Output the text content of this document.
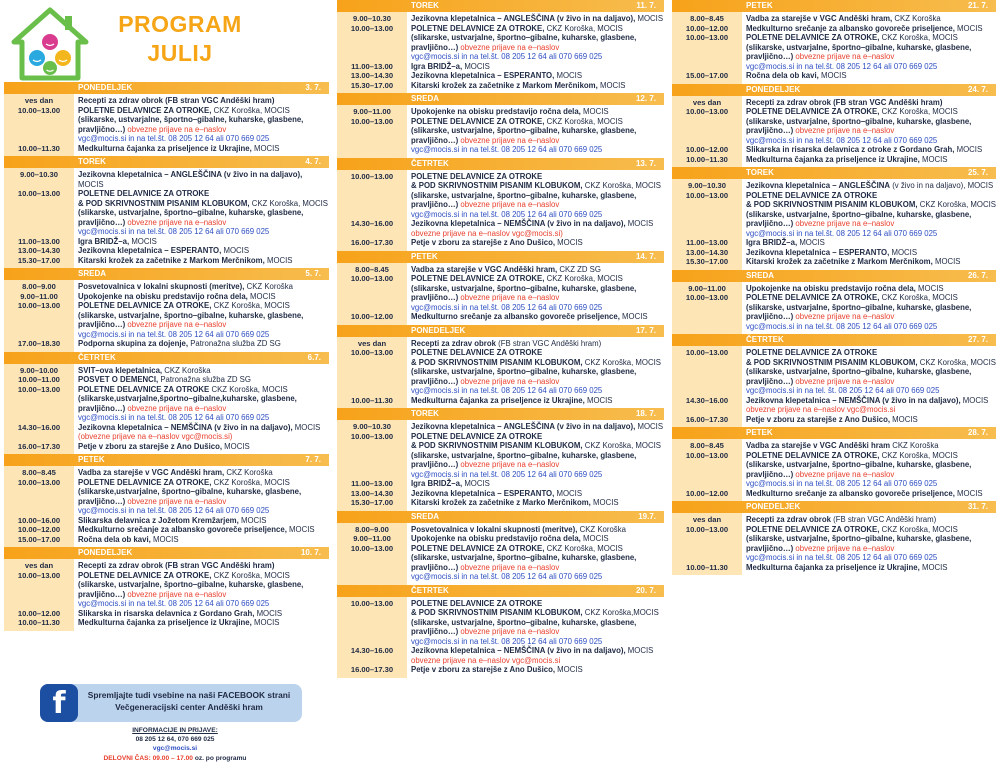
PROGRAM
JULIJ
PONEDELJEK	3. 7.
ves dan	Recepti za zdrav obrok (FB stran VGC Anděški hram)
10.00–13.00	POLETNE DELAVNICE ZA OTROKE, CKZ Koroška, MOCIS
(slikarske, ustvarjalne, športno–gibalne, kuharske, glasbene,
pravljično…) obvezne prijave na e–naslov
vgc@mocis.si in na tel.št. 08 205 12 64 ali 070 669 025
10.00–11.30	Medkulturna čajanka za priseljence iz Ukrajine, MOCIS
TOREK	4. 7.
9.00–10.30	Jezikovna klepetalnica – ANGLEŠČINA (v živo in na daljavo), MOCIS
10.00–13.00	POLETNE DELAVNICE ZA OTROKE
& POD SKRIVNOSTNIM PISANIM KLOBUKOM, CKZ Koroška, MOCIS
(slikarske, ustvarjalne, športno–gibalne, kuharske, glasbene,
pravljično…) obvezne prijave na e–naslov
vgc@mocis.si in na tel.št. 08 205 12 64 ali 070 669 025
11.00–13.00	Igra BRIDŽ–a, MOCIS
13.00–14.30	Jezikovna klepetalnica – ESPERANTO, MOCIS
15.30–17.00	Kitarski krožek za začetnike z Markom Merčnikom, MOCIS
SREDA	5. 7.
8.00–9.00	Posvetovalnica v lokalni skupnosti (meritve), CKZ Koroška
9.00–11.00	Upokojenke na obisku predstavijo ročna dela, MOCIS
10.00–13.00	POLETNE DELAVNICE ZA OTROKE, CKZ Koroška, MOCIS
(slikarske, ustvarjalne, športno–gibalne, kuharske, glasbene,
pravljično…) obvezne prijave na e–naslov
vgc@mocis.si in na tel.št. 08 205 12 64 ali 070 669 025
17.00–18.30	Podporna skupina za dojenje, Patronažna služba ZD SG
ČETRTEK	6.7.
9.00–10.00	SVIT–ova klepetalnica, CKZ Koroška
10.00–11.00	POSVET O DEMENCI, Patronažna služba ZD SG
10.00–13.00	POLETNE DELAVNICE ZA OTROKE CKZ Koroška, MOCIS
(slikarske,ustvarjalne,športno–gibalne,kuharske, glasbene,
pravljično…) obvezne prijave na e–naslov
vgc@mocis.si in na tel.št. 08 205 12 64 ali 070 669 025
14.30–16.00	Jezikovna klepetalnica – NEMŠČINA (v živo in na daljavo), MOCIS
(obvezne prijave na e–naslov vgc@mocis.si)
16.00–17.30	Petje v zboru za starejše z Ano Dušico, MOCIS
PETEK	7. 7.
8.00–8.45	Vadba za starejše v VGC Anděški hram, CKZ Koroška
10.00–13.00	POLETNE DELAVNICE ZA OTROKE, CKZ Koroška, MOCIS
(slikarske,ustvarjalne, športno–gibalne, kuharske, glasbene,
pravljično…) obvezne prijave na e–naslov
vgc@mocis.si in na tel.št. 08 205 12 64 ali 070 669 025
10.00–16.00	Slikarska delavnica z Jožetom Kremžarjem, MOCIS
10.00–12.00	Medkulturno srečanje za albansko govoreče priseljence, MOCIS
15.00–17.00	Ročna dela ob kavi, MOCIS
PONEDELJEK	10. 7.
ves dan	Recepti za zdrav obrok (FB stran VGC Anděški hram)
10.00–13.00	POLETNE DELAVNICE ZA OTROKE, CKZ Koroška, MOCIS
(slikarske, ustvarjalne, športno–gibalne, kuharske, glasbene,
pravljično…) obvezne prijave na e–naslov
vgc@mocis.si in na tel.št. 08 205 12 64 ali 070 669 025
10.00–12.00	Slikarska in risarska delavnica z Gordano Grah, MOCIS
10.00–11.30	Medkulturna čajanka za priseljence iz Ukrajine, MOCIS
f	Spremljajte tudi vsebine na naši FACEBOOK strani
Večgeneracijski center Anděški hram
INFORMACIJE IN PRIJAVE:
08 205 12 64, 070 669 025
vgc@mocis.si
DELOVNI ČAS: 09.00 – 17.00 oz. po programu
TOREK	11. 7.
9.00–10.30	Jezikovna klepetalnica – ANGLEŠČINA (v živo in na daljavo), MOCIS
10.00–13.00	POLETNE DELAVNICE ZA OTROKE, CKZ Koroška, MOCIS
(slikarske, ustvarjalne, športno–gibalne, kuharske, glasbene,
pravljično…) obvezne prijave na e–naslov
vgc@mocis.si in na tel.št. 08 205 12 64 ali 070 669 025
11.00–13.00	Igra BRIDŽ–a, MOCIS
13.00–14.30	Jezikovna klepetalnica – ESPERANTO, MOCIS
15.30–17.00	Kitarski krožek za začetnike z Markom Merčnikom, MOCIS
SREDA	12. 7.
9.00–11.00	Upokojenke na obisku predstavijo ročna dela, MOCIS
10.00–13.00	POLETNE DELAVNICE ZA OTROKE, CKZ Koroška, MOCIS
(slikarske, ustvarjalne, športno–gibalne, kuharske, glasbene,
pravljično…) obvezne prijave na e–naslov
vgc@mocis.si in na tel.št. 08 205 12 64 ali 070 669 025
ČETRTEK	13. 7.
10.00–13.00	POLETNE DELAVNICE ZA OTROKE
& POD SKRIVNOSTNIM PISANIM KLOBUKOM, CKZ Koroška, MOCIS
(slikarske, ustvarjalne, športno–gibalne, kuharske, glasbene,
pravljično…) obvezne prijave na e–naslov
vgc@mocis.si in na tel.št. 08 205 12 64 ali 070 669 025
14.30–16.00	Jezikovna klepetalnica – NEMŠČINA (v živo in na daljavo), MOCIS
obvezne prijave na e–naslov vgc@mocis.si)
16.00–17.30	Petje v zboru za starejše z Ano Dušico, MOCIS
PETEK	14. 7.
8.00–8.45	Vadba za starejše v VGC Anděški hram, CKZ ZD SG
10.00–13.00	POLETNE DELAVNICE ZA OTROKE, CKZ Koroška, MOCIS
(slikarske, ustvarjalne, športno–gibalne, kuharske, glasbene,
pravljično…) obvezne prijave na e–naslov
vgc@mocis.si in na tel.št. 08 205 12 64 ali 070 669 025
10.00–12.00	Medkulturno srečanje za albansko govoreče priseljence, MOCIS
PONEDELJEK	17. 7.
ves dan	Recepti za zdrav obrok (FB stran VGC Anděški hram)
10.00–13.00	POLETNE DELAVNICE ZA OTROKE
& POD SKRIVNOSTNIM PISANIM KLOBUKOM, CKZ Koroška, MOCIS
(slikarske, ustvarjalne, športno–gibalne, kuharske, glasbene,
pravljično…) obvezne prijave na e–naslov
vgc@mocis.si in na tel.št. 08 205 12 64 ali 070 669 025
10.00–11.30	Medkulturna čajanka za priseljence iz Ukrajine, MOCIS
TOREK	18. 7.
9.00–10.30	Jezikovna klepetalnica – ANGLEŠČINA (v živo in na daljavo), MOCIS
10.00–13.00	POLETNE DELAVNICE ZA OTROKE
& POD SKRIVNOSTNIM PISANIM KLOBUKOM, CKZ Koroška, MOCIS
(slikarske, ustvarjalne, športno–gibalne, kuharske, glasbene,
pravljično…) obvezne prijave na e–naslov
vgc@mocis.si in na tel.št. 08 205 12 64 ali 070 669 025
11.00–13.00	Igra BRIDŽ–a, MOCIS
13.00–14.30	Jezikovna klepetalnica – ESPERANTO, MOCIS
15.30–17.00	Kitarski krožek za začetnike z Marko Merčnikom, MOCIS
SREDA	19.7.
8.00–9.00	Posvetovalnica v lokalni skupnosti (meritve), CKZ Koroška
9.00–11.00	Upokojenke na obisku predstavijo ročna dela, MOCIS
10.00–13.00	POLETNE DELAVNICE ZA OTROKE, CKZ Koroška, MOCIS
(slikarske, ustvarjalne, športno–gibalne, kuharske, glasbene,
pravljično…) obvezne prijave na e–naslov
vgc@mocis.si in na tel.št. 08 205 12 64 ali 070 669 025
ČETRTEK	20. 7.
10.00–13.00	POLETNE DELAVNICE ZA OTROKE
& POD SKRIVNOSTNIM PISANIM KLOBUKOM, CKZ Koroška,MOCIS
(slikarske, ustvarjalne, športno–gibalne, kuharske, glasbene,
pravljično…) obvezne prijave na e–naslov
vgc@mocis.si in na tel.št. 08 205 12 64 ali 070 669 025
14.30–16.00	Jezikovna klepetalnica – NEMŠČINA (v živo in na daljavo), MOCIS
obvezne prijave na e–naslov vgc@mocis.si
16.00–17.30	Petje v zboru za starejše z Ano Dušico, MOCIS
PETEK	21. 7.
8.00–8.45	Vadba za starejše v VGC Anděški hram, CKZ Koroška
10.00–12.00	Medkulturno srečanje za albansko govoreče priseljence, MOCIS
10.00–13.00	POLETNE DELAVNICE ZA OTROKE, CKZ Koroška, MOCIS
(slikarske, ustvarjalne, športno–gibalne, kuharske, glasbene,
pravljično…) obvezne prijave na e–naslov
vgc@mocis.si in na tel.št. 08 205 12 64 ali 070 669 025
15.00–17.00	Ročna dela ob kavi, MOCIS
PONEDELJEK	24. 7.
ves dan	Recepti za zdrav obrok (FB stran VGC Anděški hram)
10.00–13.00	POLETNE DELAVNICE ZA OTROKE, CKZ Koroška, MOCIS
(slikarske, ustvarjalne, športno–gibalne, kuharske, glasbene,
pravljično…) obvezne prijave na e–naslov
vgc@mocis.si in na tel.št. 08 205 12 64 ali 070 669 025
10.00–12.00	Slikarska in risarska delavnica z otroke z Gordano Grah, MOCIS
10.00–11.30	Medkulturna čajanka za priseljence iz Ukrajine, MOCIS
TOREK	25. 7.
9.00–10.30	Jezikovna klepetalnica – ANGLEŠČINA (v živo in na daljavo), MOCIS
10.00–13.00	POLETNE DELAVNICE ZA OTROKE
& POD SKRIVNOSTNIM PISANIM KLOBUKOM, CKZ Koroška, MOCIS
(slikarske, ustvarjalne, športno–gibalne, kuharske, glasbene,
pravljično…) obvezne prijave na e–naslov
vgc@mocis.si in na tel.št. 08 205 12 64 ali 070 669 025
11.00–13.00	Igra BRIDŽ–a, MOCIS
13.00–14.30	Jezikovna klepetalnica – ESPERANTO, MOCIS
15.30–17.00	Kitarski krožek za začetnike z Markom Merčnikom, MOCIS
SREDA	26. 7.
9.00–11.00	Upokojenke na obisku predstavijo ročna dela, MOCIS
10.00–13.00	POLETNE DELAVNICE ZA OTROKE, CKZ Koroška, MOCIS
(slikarske, ustvarjalne, športno–gibalne, kuharske, glasbene,
pravljično…) obvezne prijave na e–naslov
vgc@mocis.si in na tel.št. 08 205 12 64 ali 070 669 025
ČETRTEK	27. 7.
10.00–13.00	POLETNE DELAVNICE ZA OTROKE
& POD SKRIVNOSTNIM PISANIM KLOBUKOM, CKZ Koroška, MOCIS
(slikarske, ustvarjalne, športno–gibalne, kuharske, glasbene,
pravljično…) obvezne prijave na e–naslov
vgc@mocis.si in na tel. št. 08 205 12 64 ali 070 669 025
14.30–16.00	Jezikovna klepetalnica – NEMŠČINA (v živo in na daljavo), MOCIS
obvezne prijave na e–naslov vgc@mocis.si
16.00–17.30	Petje v zboru za starejše z Ano Dušico, MOCIS
PETEK	28. 7.
8.00–8.45	Vadba za starejše v VGC Anděški hram CKZ Koroška
10.00–13.00	POLETNE DELAVNICE ZA OTROKE, CKZ Koroška, MOCIS
(slikarske, ustvarjalne, športno–gibalne, kuharske, glasbene,
pravljično…) obvezne prijave na e–naslov
vgc@mocis.si in na tel.št. 08 205 12 64 ali 070 669 025
10.00–12.00	Medkulturno srečanje za albansko govoreče priseljence, MOCIS
PONEDELJEK	31. 7.
ves dan	Recepti za zdrav obrok (FB stran VGC Anděški hram)
10.00–13.00	POLETNE DELAVNICE ZA OTROKE, CKZ Koroška, MOCIS
(slikarske, ustvarjalne, športno–gibalne, kuharske, glasbene,
pravljično…) obvezne prijave na e–naslov
vgc@mocis.si in na tel.št. 08 205 12 64 ali 070 669 025
10.00–11.30	Medkulturna čajanka za priseljence iz Ukrajine, MOCIS
